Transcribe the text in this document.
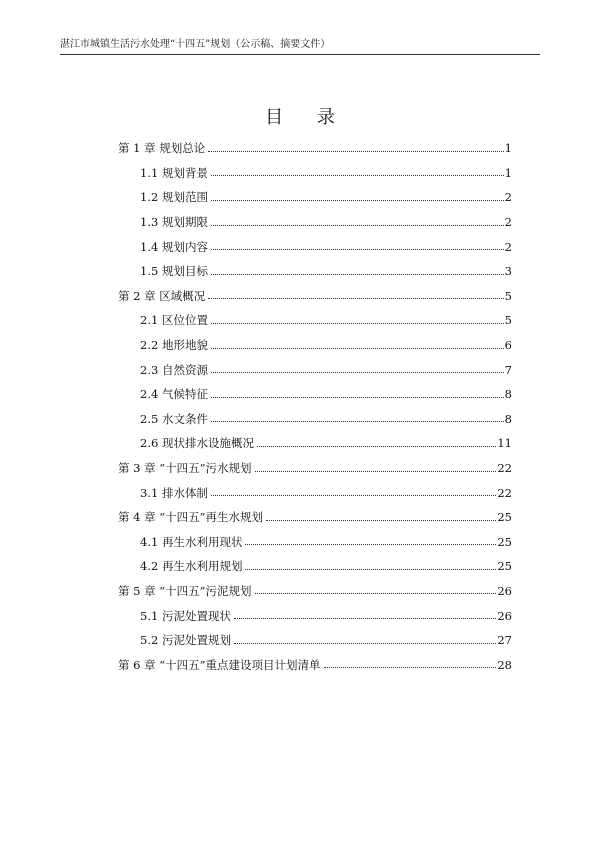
湛江市城镇生活污水处理“十四五”规划（公示稿、摘要文件）
目 录
第 1 章 规划总论	1
1.1 规划背景	1
1.2 规划范围	2
1.3 规划期限	2
1.4 规划内容	2
1.5 规划目标	3
第 2 章 区域概况	5
2.1 区位位置	5
2.2 地形地貌	6
2.3 自然资源	7
2.4 气候特征	8
2.5 水文条件	8
2.6 现状排水设施概况	11
第 3 章 “十四五”污水规划	22
3.1 排水体制	22
第 4 章 “十四五”再生水规划	25
4.1 再生水利用现状	25
4.2 再生水利用规划	25
第 5 章 “十四五”污泥规划	26
5.1 污泥处置现状	26
5.2 污泥处置规划	27
第 6 章 “十四五”重点建设项目计划清单	28
